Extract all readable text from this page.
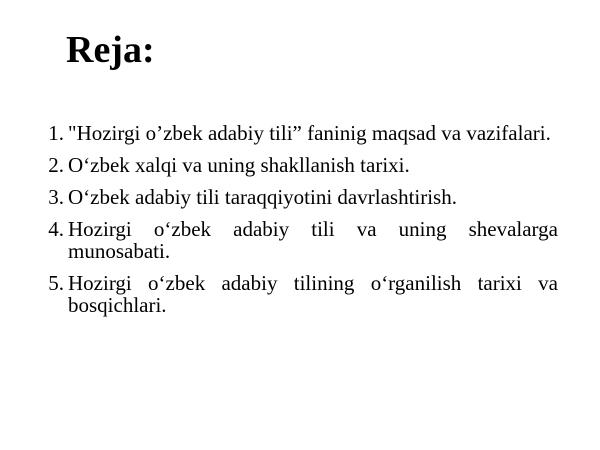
Reja:
1. "Hozirgi o’zbek adabiy tili” faninig maqsad va vazifalari.
2. O‘zbek xalqi va uning shakllanish tarixi.
3. O‘zbek adabiy tili taraqqiyotini davrlashtirish.
4. Hozirgi o‘zbek adabiy tili va uning shevalarga munosabati.
5. Hozirgi o‘zbek adabiy tilining o‘rganilish tarixi va bosqichlari.
